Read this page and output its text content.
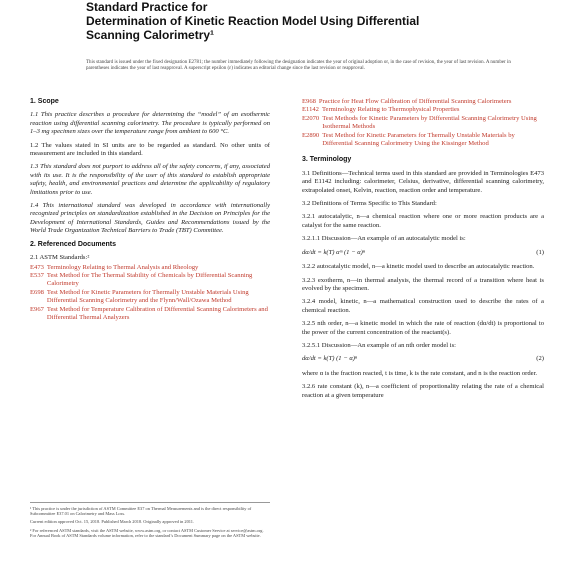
Standard Practice for
Determination of Kinetic Reaction Model Using Differential
Scanning Calorimetry¹
This standard is issued under the fixed designation E2781; the number immediately following the designation indicates the year of original adoption or, in the case of revision, the year of last revision. A number in parentheses indicates the year of last reapproval. A superscript epsilon (ε) indicates an editorial change since the last revision or reapproval.
1. Scope

1.1 This practice describes a procedure for determining the “model” of an exothermic reaction using differential scanning calorimetry. The procedure is typically performed on 1–3 mg specimen sizes over the temperature range from ambient to 600 °C.

1.2 The values stated in SI units are to be regarded as standard. No other units of measurement are included in this standard.

1.3 This standard does not purport to address all of the safety concerns, if any, associated with its use. It is the responsibility of the user of this standard to establish appropriate safety, health, and environmental practices and determine the applicability of regulatory limitations prior to use.

1.4 This international standard was developed in accordance with internationally recognized principles on standardization established in the Decision on Principles for the Development of International Standards, Guides and Recommendations issued by the World Trade Organization Technical Barriers to Trade (TBT) Committee.

2. Referenced Documents

2.1 ASTM Standards:²

E473 Terminology Relating to Thermal Analysis and Rheology
E537 Test Method for The Thermal Stability of Chemicals by Differential Scanning Calorimetry
E698 Test Method for Kinetic Parameters for Thermally Unstable Materials Using Differential Scanning Calorimetry and the Flynn/Wall/Ozawa Method
E967 Test Method for Temperature Calibration of Differential Scanning Calorimeters and Differential Thermal Analyzers

¹ This practice is under the jurisdiction of ASTM Committee E37 on Thermal Measurements and is the direct responsibility of Subcommittee E37.01 on Calorimetry and Mass Loss.

Current edition approved Oct. 15, 2018. Published March 2018. Originally approved in 2011.

² For referenced ASTM standards, visit the ASTM website, www.astm.org, or contact ASTM Customer Service at service@astm.org. For Annual Book of ASTM Standards volume information, refer to the standard’s Document Summary page on the ASTM website.

E968 Practice for Heat Flow Calibration of Differential Scanning Calorimeters
E1142 Terminology Relating to Thermophysical Properties
E2070 Test Methods for Kinetic Parameters by Differential Scanning Calorimetry Using Isothermal Methods
E2890 Test Method for Kinetic Parameters for Thermally Unstable Materials by Differential Scanning Calorimetry Using the Kissinger Method
3. Terminology

3.1 Definitions—Technical terms used in this standard are provided in Terminologies E473 and E1142 including: calorimeter, Celsius, derivative, differential scanning calorimetry, extrapolated onset, Kelvin, reaction, reaction order and temperature.

3.2 Definitions of Terms Specific to This Standard:

3.2.1 autocatalytic, n—a chemical reaction where one or more reaction products are a catalyst for the same reaction.

3.2.1.1 Discussion—An example of an autocatalytic model is:

dα/dt = k(T) αᵐ (1 − α)ⁿ	(1)

3.2.2 autocatalytic model, n—a kinetic model used to describe an autocatalytic reaction.

3.2.3 exotherm, n—in thermal analysis, the thermal record of a transition where heat is evolved by the specimen.

3.2.4 model, kinetic, n—a mathematical construction used to describe the rates of a chemical reaction.

3.2.5 nth order, n—a kinetic model in which the rate of reaction (dα/dt) is proportional to the power of the current concentration of the reactant(s).

3.2.5.1 Discussion—An example of an nth order model is:

dα/dt = k(T) (1 − α)ⁿ	(2)

where α is the fraction reacted, t is time, k is the rate constant, and n is the reaction order.

3.2.6 rate constant (k), n—a coefficient of proportionality relating the rate of a chemical reaction at a given temperature
